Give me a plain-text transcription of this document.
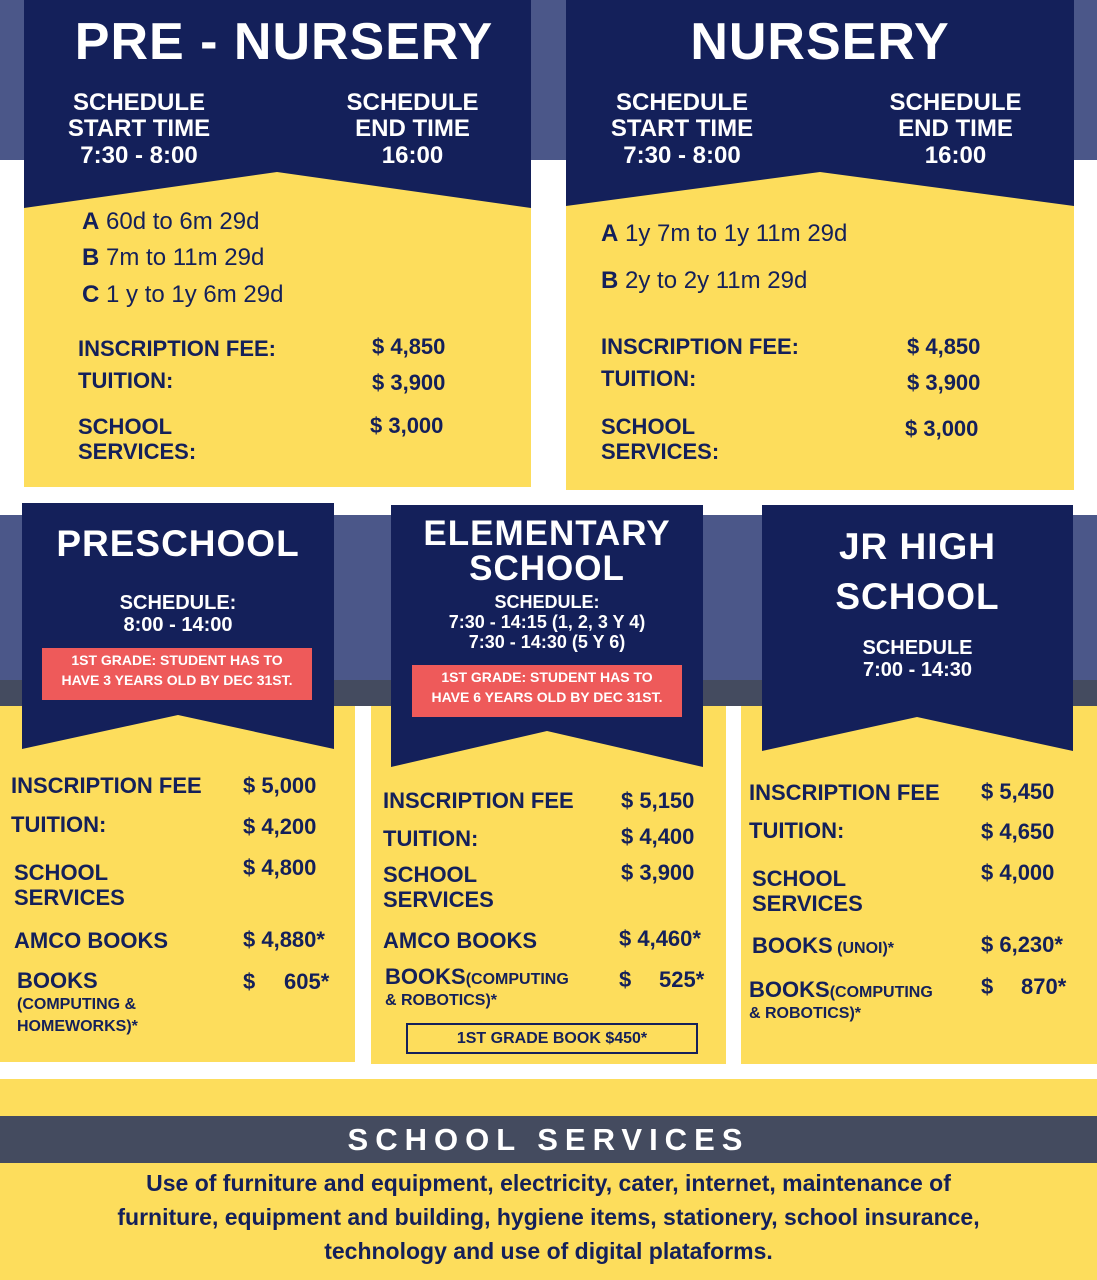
PRE - NURSERY
SCHEDULE
START TIME
7:30 - 8:00
SCHEDULE
END TIME
16:00
A 60d to 6m 29d
B 7m to 11m 29d
C 1 y to 1y 6m 29d
INSCRIPTION FEE:	$ 4,850
TUITION:	$ 3,900
SCHOOL
SERVICES:
$ 3,000
NURSERY
SCHEDULE
START TIME
7:30 - 8:00
SCHEDULE
END TIME
16:00
A 1y 7m to 1y 11m 29d
B 2y to 2y 11m 29d
INSCRIPTION FEE:	$ 4,850
TUITION:	$ 3,900
SCHOOL
SERVICES:
$ 3,000
PRESCHOOL
SCHEDULE:
8:00 - 14:00
1ST GRADE: STUDENT HAS TO
HAVE 3 YEARS OLD BY DEC 31ST.
INSCRIPTION FEE $ 5,000
TUITION:	$ 4,200
SCHOOL
SERVICES
$ 4,800
AMCO BOOKS	$ 4,880*
BOOKS
(COMPUTING &
HOMEWORKS)*
$ 605*
ELEMENTARY
SCHOOL
SCHEDULE:
7:30 - 14:15 (1, 2, 3 Y 4)
7:30 - 14:30 (5 Y 6)
1ST GRADE: STUDENT HAS TO
HAVE 6 YEARS OLD BY DEC 31ST.
INSCRIPTION FEE $ 5,150
TUITION:	$ 4,400
SCHOOL
SERVICES
$ 3,900
AMCO BOOKS	$ 4,460*
BOOKS(COMPUTING
& ROBOTICS)*
$ 525*
1ST GRADE BOOK $450*
JR HIGH
SCHOOL
SCHEDULE
7:00 - 14:30
INSCRIPTION FEE $ 5,450
TUITION:	$ 4,650
SCHOOL
SERVICES
$ 4,000
BOOKS (UNOI)*	$ 6,230*
BOOKS(COMPUTING
& ROBOTICS)*
$ 870*
SCHOOL SERVICES
Use of furniture and equipment, electricity, cater, internet, maintenance of
furniture, equipment and building, hygiene items, stationery, school insurance,
technology and use of digital plataforms.
